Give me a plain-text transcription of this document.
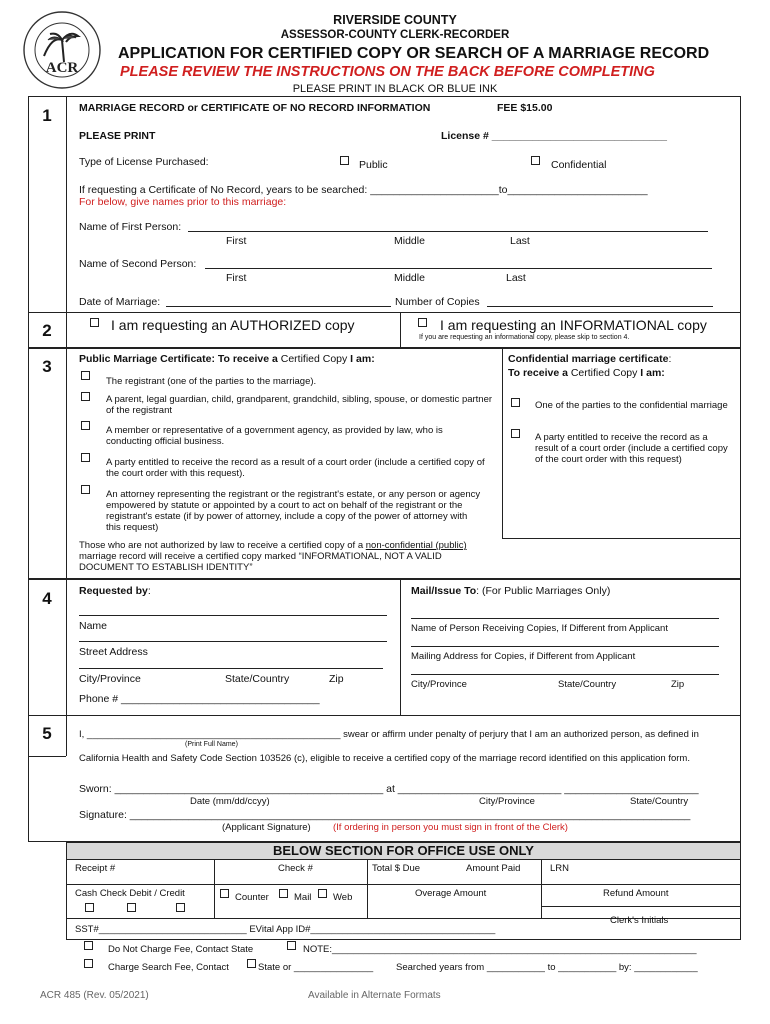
ACR
RIVERSIDE COUNTY
ASSESSOR-COUNTY CLERK-RECORDER
APPLICATION FOR CERTIFIED COPY OR SEARCH OF A MARRIAGE RECORD
PLEASE REVIEW THE INSTRUCTIONS ON THE BACK BEFORE COMPLETING
PLEASE PRINT IN BLACK OR BLUE INK
1	MARRIAGE RECORD or CERTIFICATE OF NO RECORD INFORMATION	FEE $15.00
PLEASE PRINT	License # ______________________________
Type of License Purchased:	Public	Confidential
If requesting a Certificate of No Record, years to be searched: ______________________to________________________
For below, give names prior to this marriage:
Name of First Person:
First	Middle	Last
Name of Second Person:
First	Middle	Last
Date of Marriage:	Number of Copies
2	I am requesting an AUTHORIZED copy	I am requesting an INFORMATIONAL copy
If you are requesting an informational copy, please skip to section 4.
3	Public Marriage Certificate: To receive a Certified Copy I am:
The registrant (one of the parties to the marriage).
A parent, legal guardian, child, grandparent, grandchild, sibling, spouse, or domestic partner of the registrant
A member or representative of a government agency, as provided by law, who is conducting official business.
A party entitled to receive the record as a result of a court order (include a certified copy of the court order with this request).
An attorney representing the registrant or the registrant's estate, or any person or agency empowered by statute or appointed by a court to act on behalf of the registrant or the registrant's estate (if by power of attorney, include a copy of the power of attorney with this request)
Those who are not authorized by law to receive a certified copy of a non-confidential (public) marriage record will receive a certified copy marked “INFORMATIONAL, NOT A VALID DOCUMENT TO ESTABLISH IDENTITY”
Confidential marriage certificate:
To receive a Certified Copy I am:
One of the parties to the confidential marriage
A party entitled to receive the record as a result of a court order (include a certified copy of the court order with this request)
4	Requested by:
Name
Street Address
City/Province	State/Country	Zip
Phone # __________________________________
Mail/Issue To: (For Public Marriages Only)
Name of Person Receiving Copies, If Different from Applicant
Mailing Address for Copies, if Different from Applicant
City/Province	State/Country	Zip
5	I, ________________________________________________ swear or affirm under penalty of perjury that I am an authorized person, as defined in
(Print Full Name)
California Health and Safety Code Section 103526 (c), eligible to receive a certified copy of the marriage record identified on this application form.
Sworn: ______________________________________________ at ____________________________ _______________________
Date (mm/dd/ccyy)	City/Province	State/Country
Signature: ________________________________________________________________________________________________
(Applicant Signature) (If ordering in person you must sign in front of the Clerk)
BELOW SECTION FOR OFFICE USE ONLY
Receipt #	Check #	Total $ Due	Amount Paid	LRN
Cash Check Debit / Credit	Counter	Mail Web	Overage Amount	Refund Amount
Clerk's Initials
SST#____________________________ EVital App ID#___________________________________
Do Not Charge Fee, Contact State	NOTE:_____________________________________________________________________
Charge Search Fee, Contact	State or _______________ Searched years from ___________ to ___________ by: ____________
ACR 485 (Rev. 05/2021)	Available in Alternate Formats
